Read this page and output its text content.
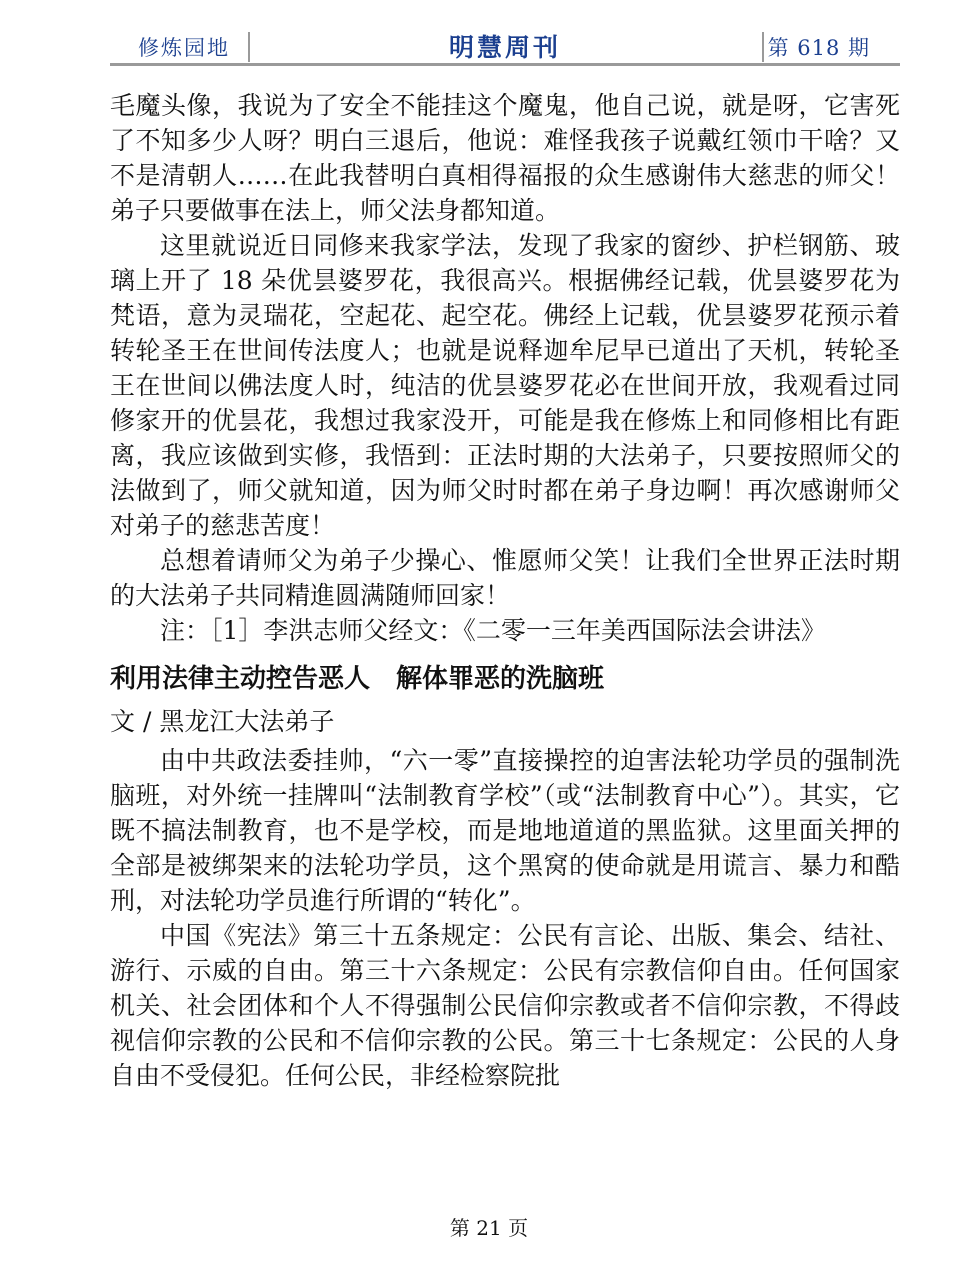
修炼园地	明慧周刊	第 618 期

毛魔头像，我说为了安全不能挂这个魔鬼，他自己说，就是呀，它害死了不知多少人呀？明白三退后，他说：难怪我孩子说戴红领巾干啥？又不是清朝人……在此我替明白真相得福报的众生感谢伟大慈悲的师父！弟子只要做事在法上，师父法身都知道。

这里就说近日同修来我家学法，发现了我家的窗纱、护栏钢筋、玻璃上开了 18 朵优昙婆罗花，我很高兴。根据佛经记载，优昙婆罗花为梵语，意为灵瑞花，空起花、起空花。佛经上记载，优昙婆罗花预示着转轮圣王在世间传法度人；也就是说释迦牟尼早已道出了天机，转轮圣王在世间以佛法度人时，纯洁的优昙婆罗花必在世间开放，我观看过同修家开的优昙花，我想过我家没开，可能是我在修炼上和同修相比有距离，我应该做到实修，我悟到：正法时期的大法弟子，只要按照师父的法做到了，师父就知道，因为师父时时都在弟子身边啊！再次感谢师父对弟子的慈悲苦度！

总想着请师父为弟子少操心、惟愿师父笑！让我们全世界正法时期的大法弟子共同精進圆满随师回家！

注：［1］李洪志师父经文：《二零一三年美西国际法会讲法》

利用法律主动控告恶人　解体罪恶的洗脑班

文 / 黑龙江大法弟子

由中共政法委挂帅，“六一零”直接操控的迫害法轮功学员的强制洗脑班，对外统一挂牌叫“法制教育学校”（或“法制教育中心”）。其实，它既不搞法制教育，也不是学校，而是地地道道的黑监狱。这里面关押的全部是被绑架来的法轮功学员，这个黑窝的使命就是用谎言、暴力和酷刑，对法轮功学员進行所谓的“转化”。

中国《宪法》第三十五条规定：公民有言论、出版、集会、结社、游行、示威的自由。第三十六条规定：公民有宗教信仰自由。任何国家机关、社会团体和个人不得强制公民信仰宗教或者不信仰宗教，不得歧视信仰宗教的公民和不信仰宗教的公民。第三十七条规定：公民的人身自由不受侵犯。任何公民，非经检察院批

第 21 页
